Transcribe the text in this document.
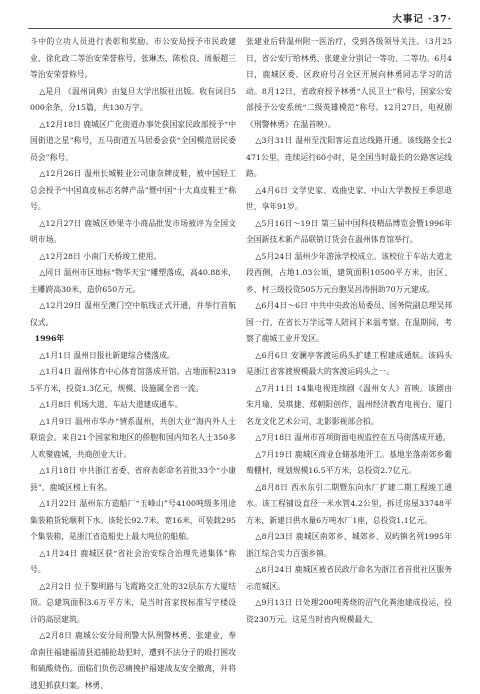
大事记 ·37·

斗中的立功人员进行表彰和奖励。市公安局授予市民政建业、徐化政二等治安荣誉称号，张琳杰、陈松良、周振超三等治安荣誉称号。

△是月 《温州词典》由复旦大学出版社出版。收有词目5000余条，分15篇，共130万字。

△12月18日 鹿城区广化街道办事处获国家民政部授予“中国街道之星”称号，五马街道五马居委会获“全国模范居民委员会”称号。

△12月26日 温州长城鞋业公司康奈牌皮鞋，被中国轻工总会授予“中国真皮标志名牌产品”暨中国“十大真皮鞋王”称号。

△12月27日 鹿城区妙果寺小商品批发市场被评为全国文明市场。

△12月28日 小南门天桥竣工使用。

△同日 温州市区地标“物华天宝”雕塑落成，高40.88米，主雕跨高30米，造价650万元。

△12月29日 温州至澳门空中航线正式开通，并举行首航仪式。

1996年

△1月1日 温州日报社新建综合楼落成。

△1月4日 温州体育中心体育馆落成开馆。占地面积23195平方米，投资1.3亿元，规模、设施属全省一流。

△1月8日 机场大道、车站大道建成通车。

△1月9日 温州市华办“情系温州，共创大业”海内外人士联谊会。来自21个国家和地区的侨胞和国内知名人士350多人欢聚鹿城，共商创业大计。

△1月18日 中共浙江省委、省府表彰命名首批33个“小康县”，鹿城区榜上有名。

△1月22日 温州东方造船厂“玉峰山”号4100吨级多用途集装箱货轮顺利下水。该轮长92.7米，宽16米，可装载295个集装箱，是浙江省造船史上最大吨位的船舶。

△1月24日 鹿城区获“省社会治安综合治理先进集体”称号。

△2月2日 位于黎明路与飞霞路交汇处的32层东方大厦结顶。总建筑面积3.6万平方米，是当时首家按标准写字楼设计的高层建筑。

△2月8日 鹿城公安分局刑警大队刑警林勇、张建业，奉命南往福建福清县追捕抢劫犯时，遭到不法分子的殴打围攻和硫酸烧伤。面临们负伤忍痛挽护福建战友安全撤离，并将逃犯抓获归案。林勇、

张建业后转温州附一医治疗，受到各级领导关注。（3月25日，省公安厅给林勇、张建业分别记一等功、二等功。6月4日，鹿城区委、区政府号召全区开展向林勇同志学习的活动。8月12日，省政府授予林勇“人民卫士”称号，国家公安部授予公安系统“二级英雄模范”称号。12月27日，电视剧《刑警林勇》在温首映）。

△3月31日 温州至沈阳客运直达线路开通。该线路全长2471公里，连续运行60小时，是全国当时最长的公路客运线路。

△4月6日 文学史家、戏曲史家、中山大学教授王季思逝世，享年91岁。

△5月16日～19日 第三届中国科技精品博览会暨1996年全国新技术新产品联销订货会在温州体育馆举行。

△5月24日 温州少年游泳学校成立。该校位于车站大道北段西侧，占地1.03公顷，建筑面积10500平方米，由区、乡、村三级投资505万元台胞吴昌涛捐助70万元建成。

△6月4日～6日 中共中央政治局委员、国务院副总理吴邦国一行，在省长万学远等人陪同下来温考察。在温期间，考察了鹿城工业开发区。

△6月6日 安澜亭客渡运码头扩建工程建成通航。该码头是浙江省客渡规模最大的客渡运码头之一。

△7月11日 14集电视连续剧《温州女人》首映。该剧由朱月瑜、吴琪捷、郑朝阳创作，温州经济教育电视台、厦门名龙文化艺术公司、北影影视部合拍。

△7月18日 温州市首项街面电视监控在五马街落成开通。

△7月19日 鹿城区商业仓储基地开工。基地坐落南郊乡葡萄棚村，规划规模16.5平方米，总投资2.7亿元。

△8月8日 西水东引二期暨东向水厂扩建二期工程竣工通水。该工程铺设直径一米水管4.2公里，拆迁房屋33748平方米，新建日供水量6万吨水厂1座，总投资1.1亿元。

△8月23日 鹿城区南郊乡、城郊乡、双屿镇名列1995年浙江综合实力百强乡镇。

△8月24日 鹿城区被省民政厅命名为浙江省首批社区服务示范城区。

△9月13日 日处理200吨莠烧的沼气化粪池建成投运，投资230万元。这是当时省内规模最大、
